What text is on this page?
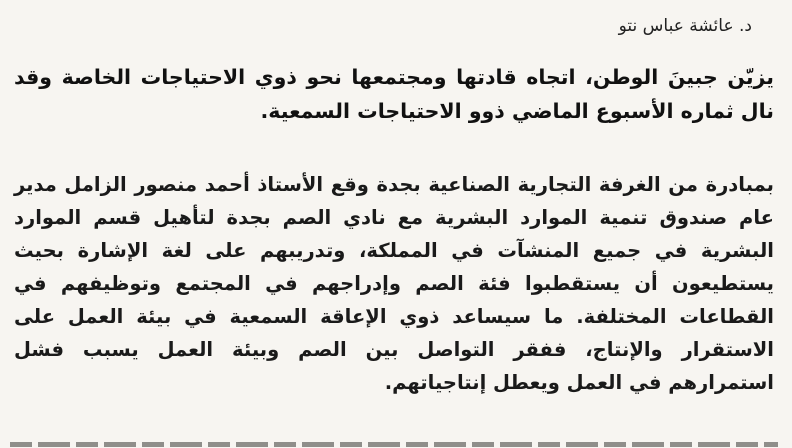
د. عائشة عباس نتو

يزيّن جبينَ الوطن، اتجاه قادتها ومجتمعها نحو ذوي الاحتياجات الخاصة وقد نال ثماره الأسبوع الماضي ذوو الاحتياجات السمعية.

بمبادرة من الغرفة التجارية الصناعية بجدة وقع الأستاذ أحمد منصور الزامل مدير عام صندوق تنمية الموارد البشرية مع نادي الصم بجدة لتأهيل قسم الموارد البشرية في جميع المنشآت في المملكة، وتدريبهم على لغة الإشارة بحيث يستطيعون أن يستقطبوا فئة الصم وإدراجهم في المجتمع وتوظيفهم في القطاعات المختلفة. ما سيساعد ذوي الإعاقة السمعية في بيئة العمل على الاستقرار والإنتاج، ففقر التواصل بين الصم وبيئة العمل يسبب فشل استمرارهم في العمل ويعطل إنتاجياتهم.
